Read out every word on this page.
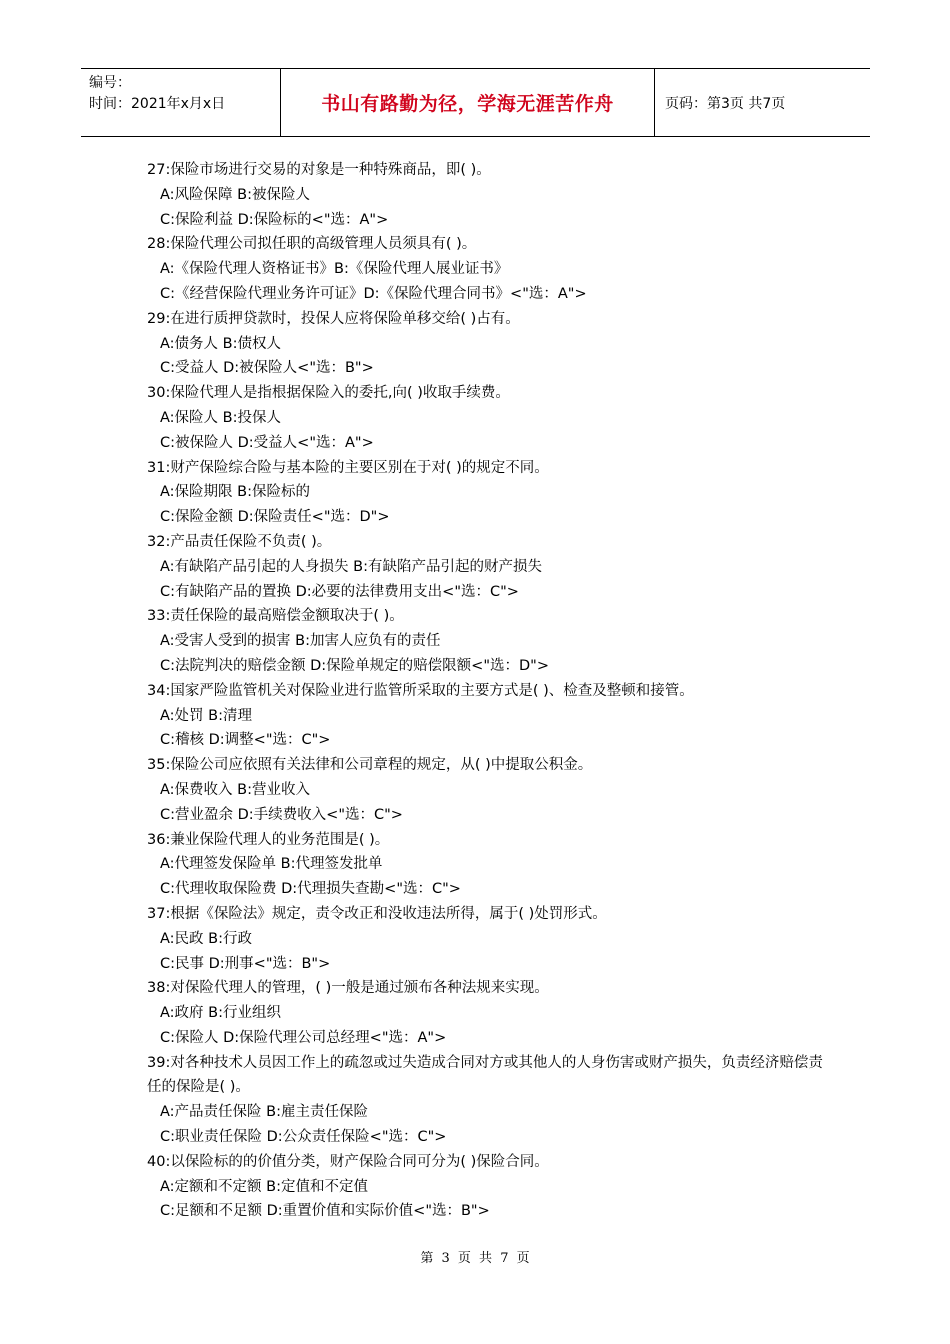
编号：
时间：2021年x月x日	书山有路勤为径，学海无涯苦作舟	页码：第3页 共7页
27:保险市场进行交易的对象是一种特殊商品，即( )。
A:风险保障 B:被保险人
C:保险利益 D:保险标的<"选：A">
28:保险代理公司拟任职的高级管理人员须具有( )。
A:《保险代理人资格证书》B:《保险代理人展业证书》
C:《经营保险代理业务许可证》D:《保险代理合同书》<"选：A">
29:在进行质押贷款时，投保人应将保险单移交给( )占有。
A:债务人 B:债权人
C:受益人 D:被保险人<"选：B">
30:保险代理人是指根据保险入的委托,向( )收取手续费。
A:保险人 B:投保人
C:被保险人 D:受益人<"选：A">
31:财产保险综合险与基本险的主要区别在于对( )的规定不同。
A:保险期限 B:保险标的
C:保险金额 D:保险责任<"选：D">
32:产品责任保险不负责( )。
A:有缺陷产品引起的人身损失 B:有缺陷产品引起的财产损失
C:有缺陷产品的置换 D:必要的法律费用支出<"选：C">
33:责任保险的最高赔偿金额取决于( )。
A:受害人受到的损害 B:加害人应负有的责任
C:法院判决的赔偿金额 D:保险单规定的赔偿限额<"选：D">
34:国家严险监管机关对保险业进行监管所采取的主要方式是( )、检查及整顿和接管。
A:处罚 B:清理
C:稽核 D:调整<"选：C">
35:保险公司应依照有关法律和公司章程的规定，从( )中提取公积金。
A:保费收入 B:营业收入
C:营业盈余 D:手续费收入<"选：C">
36:兼业保险代理人的业务范围是( )。
A:代理签发保险单 B:代理签发批单
C:代理收取保险费 D:代理损失查勘<"选：C">
37:根据《保险法》规定，责令改正和没收违法所得，属于( )处罚形式。
A:民政 B:行政
C:民事 D:刑事<"选：B">
38:对保险代理人的管理，( )一般是通过颁布各种法规来实现。
A:政府 B:行业组织
C:保险人 D:保险代理公司总经理<"选：A">
39:对各种技术人员因工作上的疏忽或过失造成合同对方或其他人的人身伤害或财产损失，负责经济赔偿责任的保险是( )。
A:产品责任保险 B:雇主责任保险
C:职业责任保险 D:公众责任保险<"选：C">
40:以保险标的的价值分类，财产保险合同可分为( )保险合同。
A:定额和不定额 B:定值和不定值
C:足额和不足额 D:重置价值和实际价值<"选：B">
第 3 页 共 7 页
